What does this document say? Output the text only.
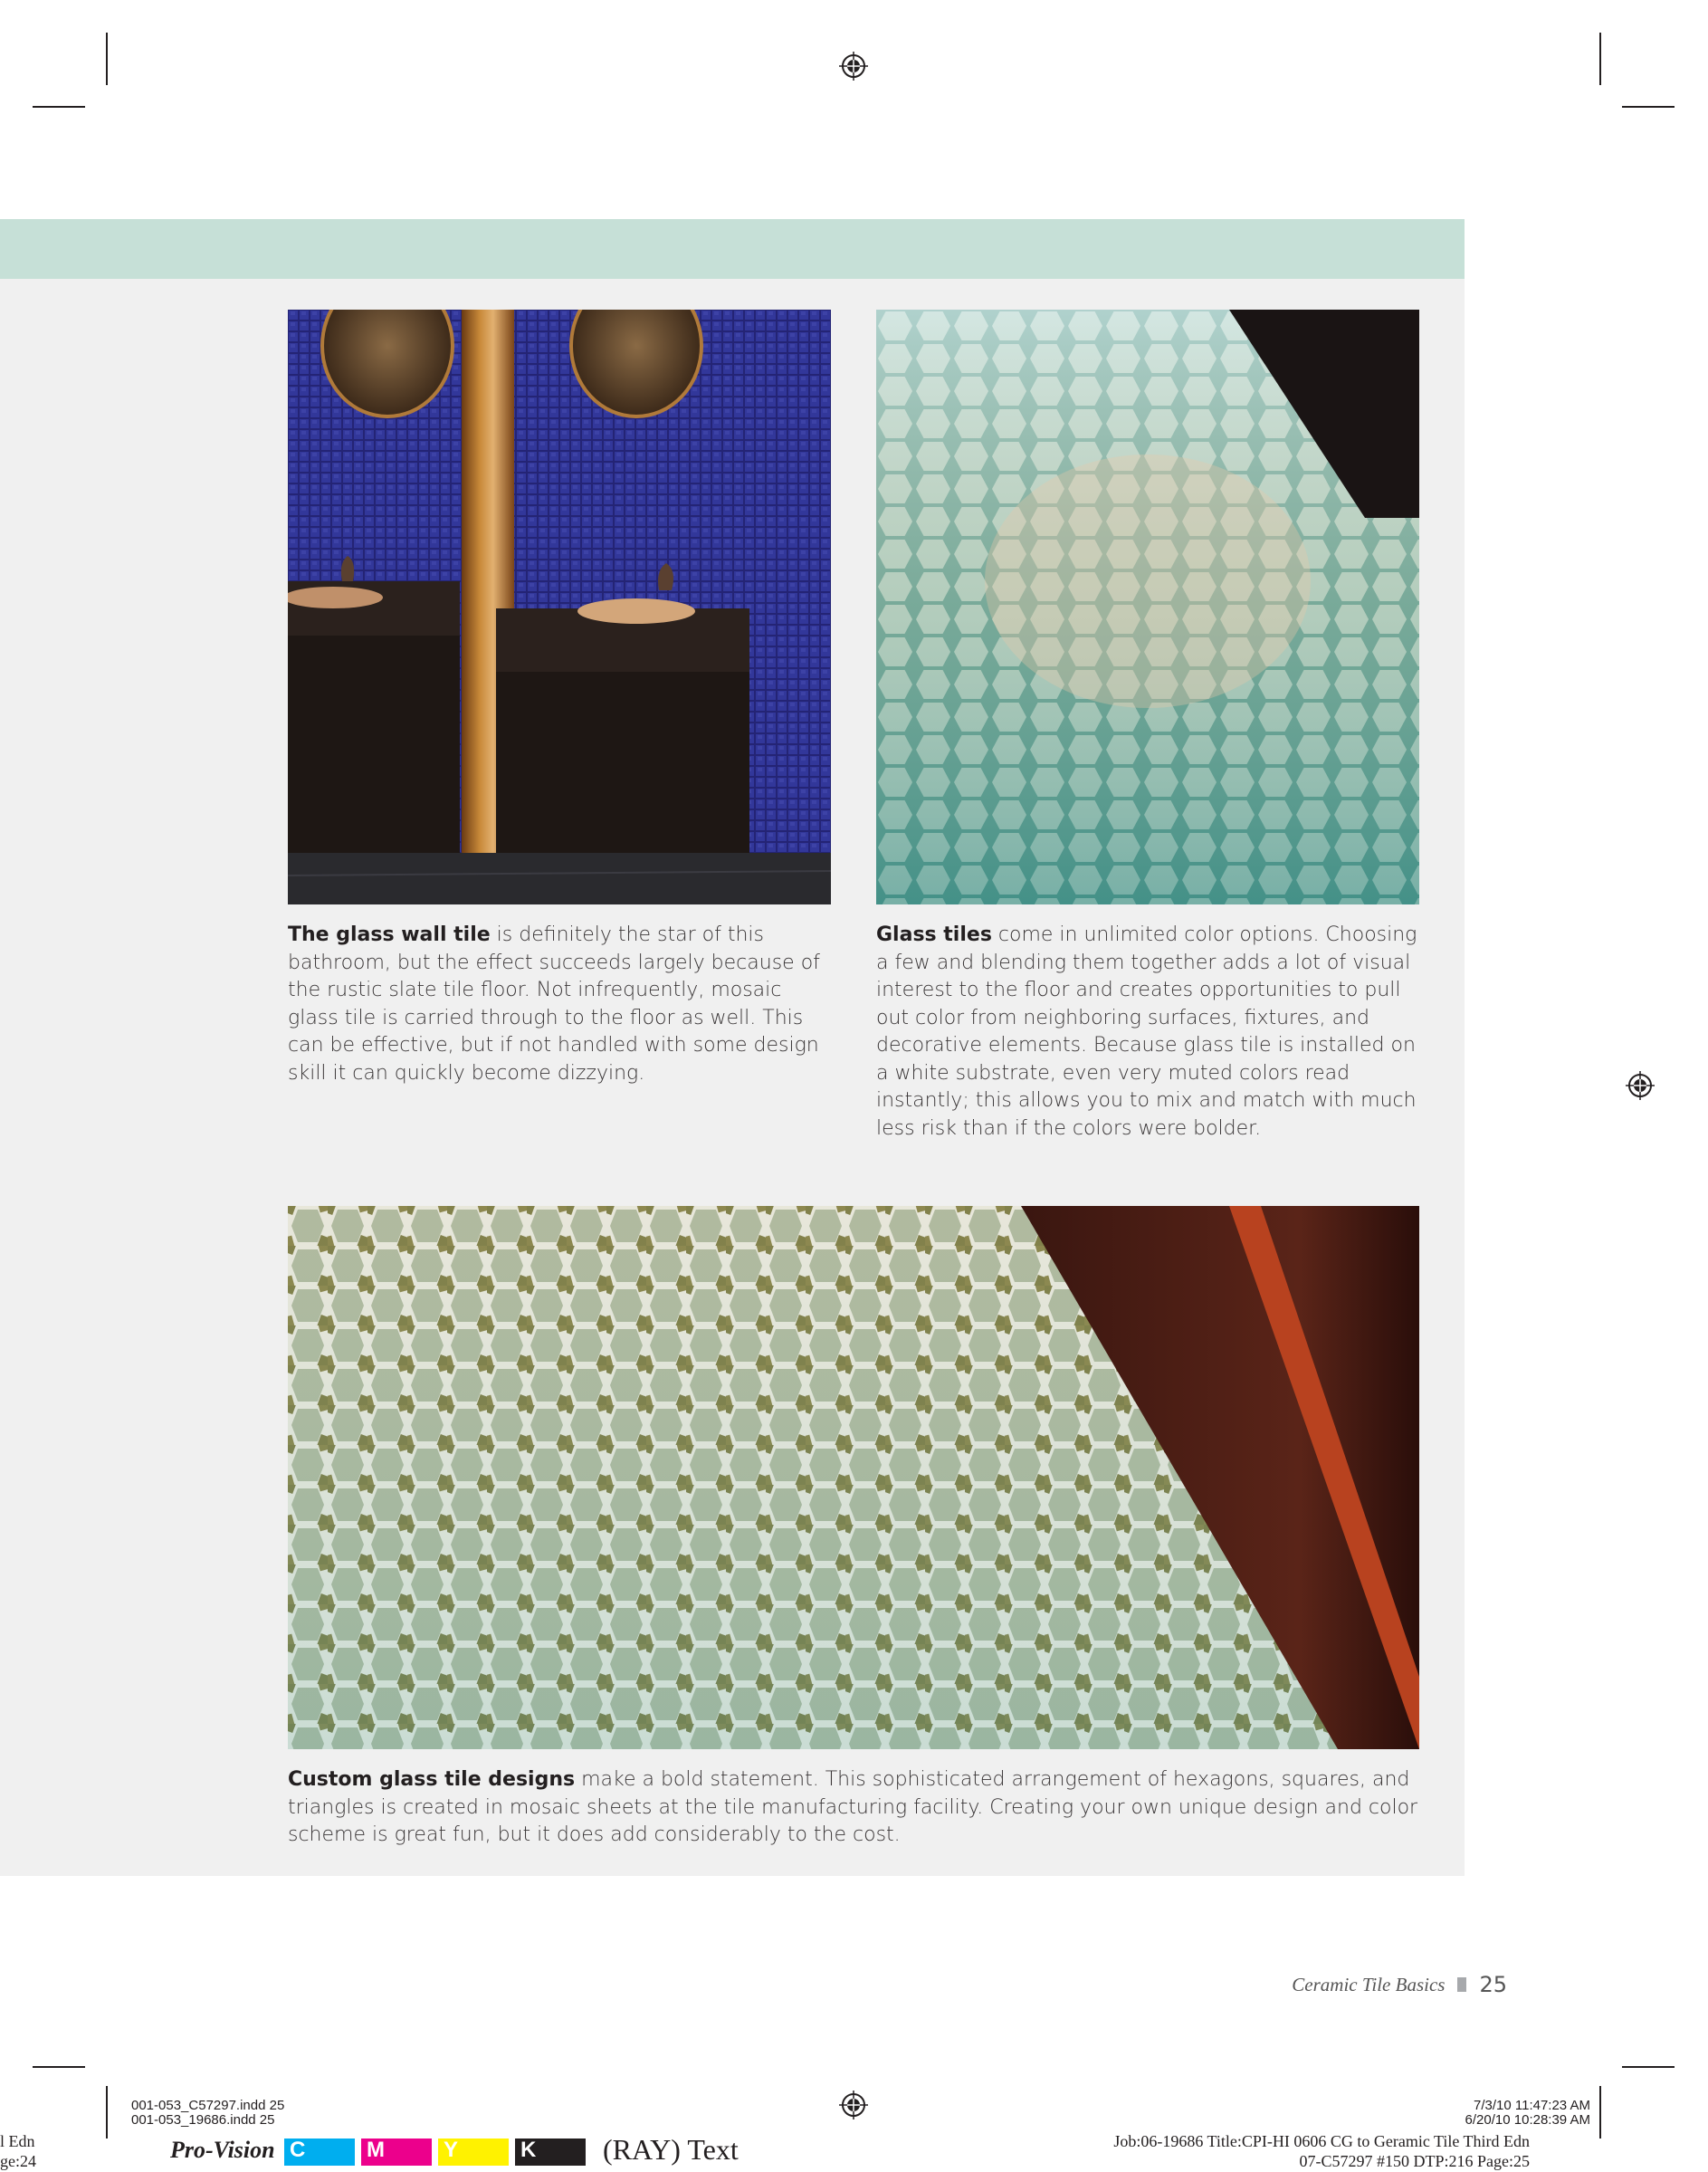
The glass wall tile is definitely the star of this bathroom, but the effect succeeds largely because of the rustic slate tile floor. Not infrequently, mosaic glass tile is carried through to the floor as well. This can be effective, but if not handled with some design skill it can quickly become dizzying.

Glass tiles come in unlimited color options. Choosing a few and blending them together adds a lot of visual interest to the floor and creates opportunities to pull out color from neighboring surfaces, fixtures, and decorative elements. Because glass tile is installed on a white substrate, even very muted colors read instantly; this allows you to mix and match with much less risk than if the colors were bolder.

Custom glass tile designs make a bold statement. This sophisticated arrangement of hexagons, squares, and triangles is created in mosaic sheets at the tile manufacturing facility. Creating your own unique design and color scheme is great fun, but it does add considerably to the cost.

Ceramic Tile Basics 25
001-053_C57297.indd 25
001-053_19686.indd 25
7/3/10 11:47:23 AM
6/20/10 10:28:39 AM
l Edn
ge:24	Pro-Vision C	M	Y	K	(RAY) Text	Job:06-19686 Title:CPI-HI 0606 CG to Geramic Tile Third Edn
07-C57297 #150 DTP:216 Page:25
